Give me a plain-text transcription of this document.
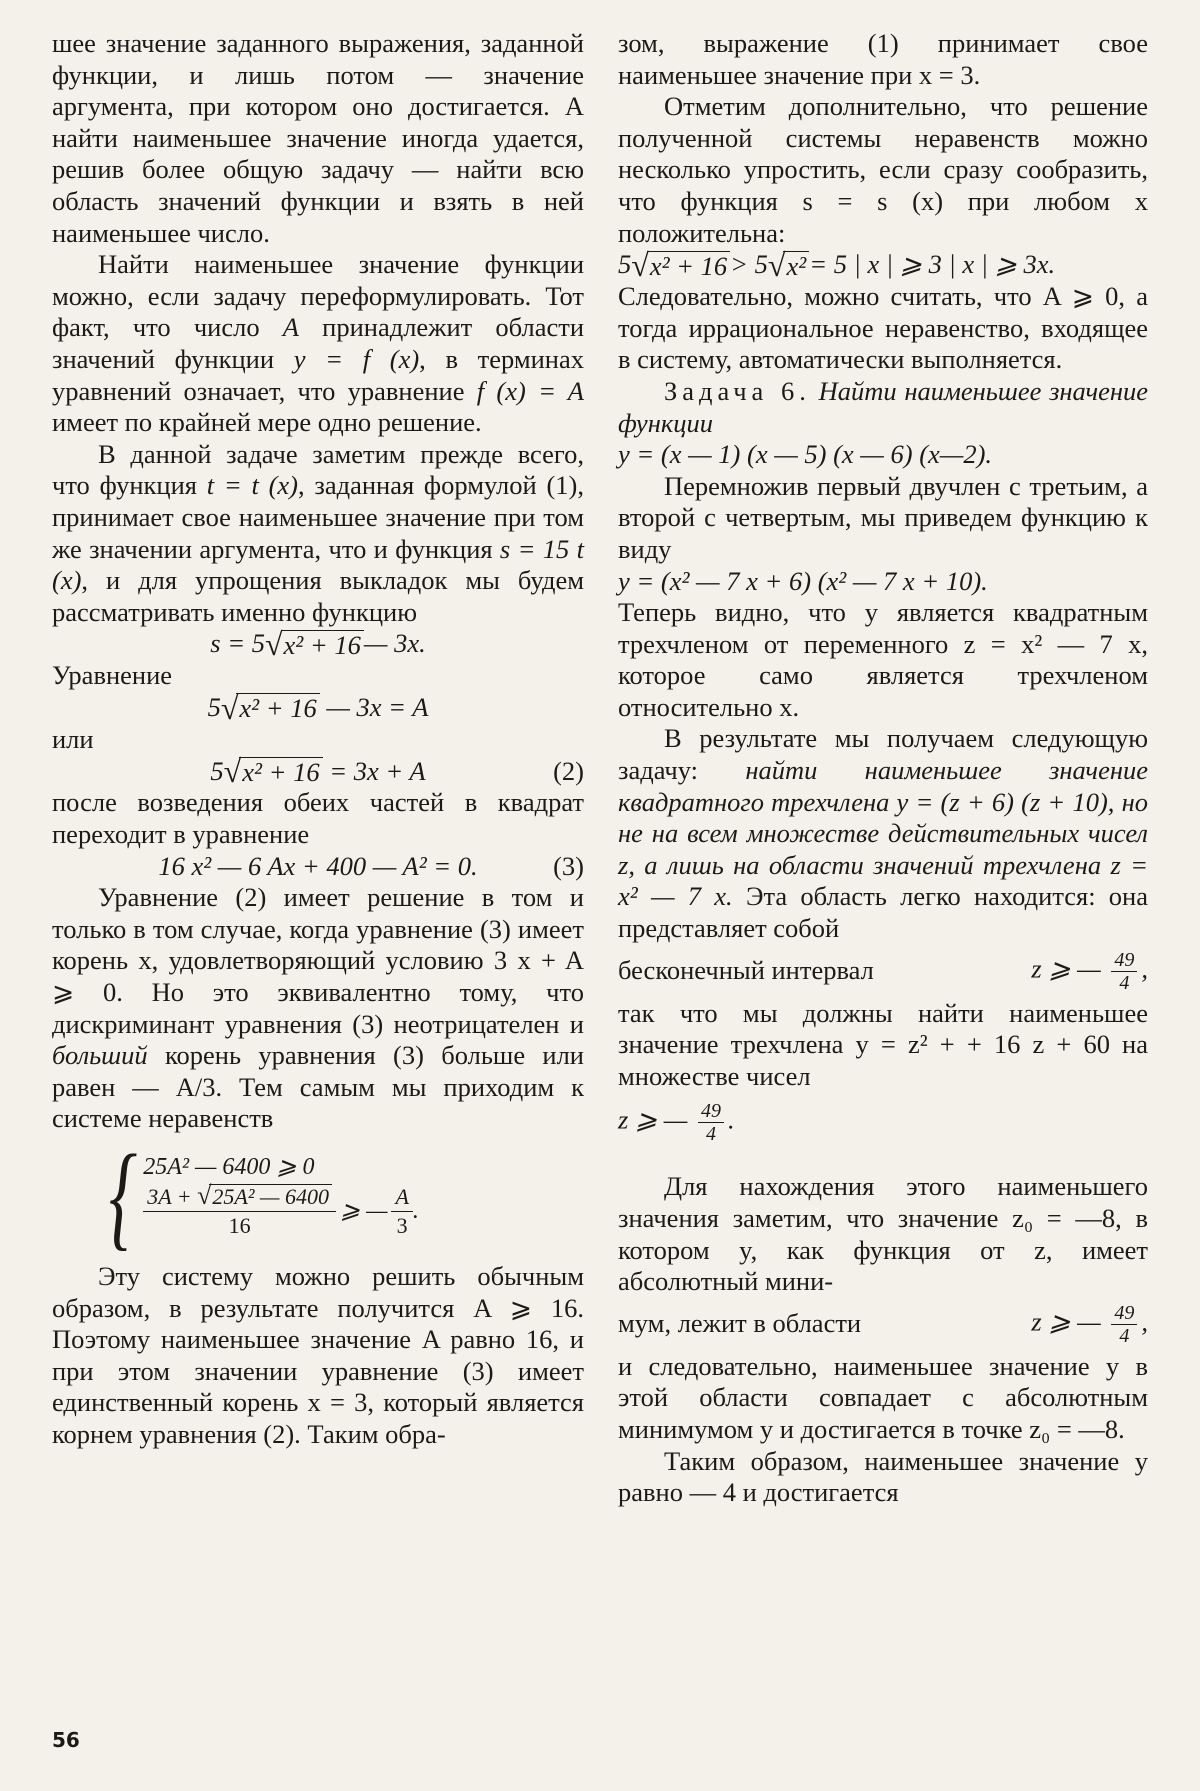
шее значение заданного выражения, заданной функции, и лишь потом — значение аргумента, при котором оно достигается. А найти наименьшее значение иногда удается, решив более общую задачу — найти всю область значений функции и взять в ней наименьшее число.

Найти наименьшее значение функции можно, если задачу переформулировать. Тот факт, что число A принадлежит области значений функции y = f (x), в терминах уравнений означает, что уравнение f (x) = A имеет по крайней мере одно решение.

В данной задаче заметим прежде всего, что функция t = t (x), заданная формулой (1), принимает свое наименьшее значение при том же значении аргумента, что и функция s = 15 t (x), и для упрощения выкладок мы будем рассматривать именно функцию

s = 5 √ x² + 16 — 3x.

Уравнение

5 √ x² + 16
— 3x = A

или

5 √ x² + 16
= 3x + A	(2)

после возведения обеих частей в квадрат переходит в уравнение

16 x² — 6 Ax + 400 — A² = 0.	(3)

Уравнение (2) имеет решение в том и только в том случае, когда уравнение (3) имеет корень x, удовлетворяющий условию 3 x + A ⩾ 0. Но это эквивалентно тому, что дискриминант уравнения (3) неотрицателен и больший корень уравнения (3) больше или равен — A/3. Тем самым мы приходим к системе неравенств

{ 25A² — 6400 ⩾ 0
3A + √25A² — 6400
16
⩾ —
A
3
.

Эту систему можно решить обычным образом, в результате получится A ⩾ 16. Поэтому наименьшее значение A равно 16, и при этом значении уравнение (3) имеет единственный корень x = 3, который является корнем уравнения (2). Таким обра-

зом, выражение (1) принимает свое наименьшее значение при x = 3.

Отметим дополнительно, что решение полученной системы неравенств можно несколько упростить, если сразу сообразить, что функция s = s (x) при любом x положительна:

5 √ x² + 16 > 5 √ x² = 5 | x | ⩾ 3 | x | ⩾ 3x.

Следовательно, можно считать, что A ⩾ 0, а тогда иррациональное неравенство, входящее в систему, автоматически выполняется.

Задача 6. Найти наименьшее значение функции

y = (x — 1) (x — 5) (x — 6) (x—2).

Перемножив первый двучлен с третьим, а второй с четвертым, мы приведем функцию к виду

y = (x² — 7 x + 6) (x² — 7 x + 10).

Теперь видно, что y является квадратным трехчленом от переменного z = x² — 7 x, которое само является трехчленом относительно x.

В результате мы получаем следующую задачу: найти наименьшее значение квадратного трехчлена y = (z + 6) (z + 10), но не на всем множестве действительных чисел z, а лишь на области значений трехчлена z = x² — 7 x. Эта область легко находится: она представляет собой

бесконечный интервал	z ⩾ — $\frac{49}{4}$ ,

так что мы должны найти наименьшее значение трехчлена y = z² + + 16 z + 60 на множестве чисел

z ⩾ — $\frac{49}{4}$ .

Для нахождения этого наименьшего значения заметим, что значение z₀ = —8, в котором y, как функция от z, имеет абсолютный мини-

мум, лежит в области	z ⩾ — $\frac{49}{4}$ ,

и следовательно, наименьшее значение y в этой области совпадает с абсолютным минимумом y и достигается в точке z₀ = —8.

Таким образом, наименьшее значение y равно — 4 и достигается

56
